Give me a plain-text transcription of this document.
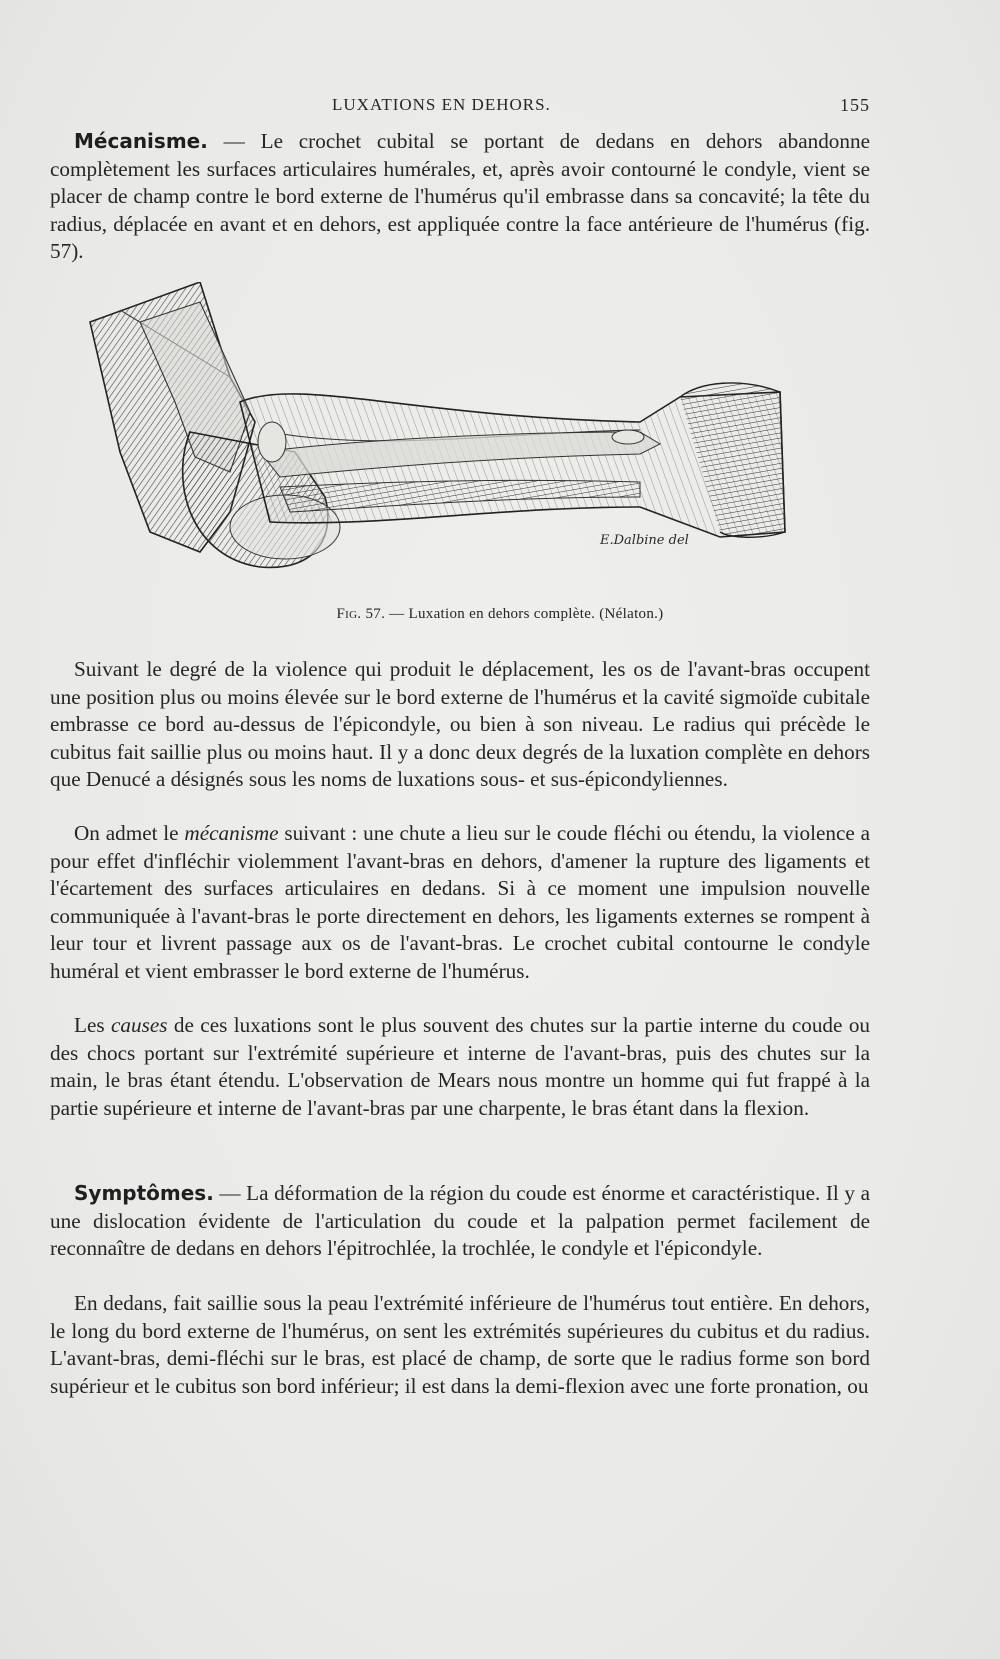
LUXATIONS EN DEHORS.	155

Mécanisme. — Le crochet cubital se portant de dedans en dehors abandonne complètement les surfaces articulaires humérales, et, après avoir contourné le condyle, vient se placer de champ contre le bord externe de l'humérus qu'il embrasse dans sa concavité; la tête du radius, déplacée en avant et en dehors, est appliquée contre la face antérieure de l'humérus (fig. 57).

E.Dalbine del
Fig. 57. — Luxation en dehors complète. (Nélaton.)

Suivant le degré de la violence qui produit le déplacement, les os de l'avant-bras occupent une position plus ou moins élevée sur le bord externe de l'humérus et la cavité sigmoïde cubitale embrasse ce bord au-dessus de l'épicondyle, ou bien à son niveau. Le radius qui précède le cubitus fait saillie plus ou moins haut. Il y a donc deux degrés de la luxation complète en dehors que Denucé a désignés sous les noms de luxations sous- et sus-épicondyliennes.

On admet le mécanisme suivant : une chute a lieu sur le coude fléchi ou étendu, la violence a pour effet d'infléchir violemment l'avant-bras en dehors, d'amener la rupture des ligaments et l'écartement des surfaces articulaires en dedans. Si à ce moment une impulsion nouvelle communiquée à l'avant-bras le porte directement en dehors, les ligaments externes se rompent à leur tour et livrent passage aux os de l'avant-bras. Le crochet cubital contourne le condyle huméral et vient embrasser le bord externe de l'humérus.

Les causes de ces luxations sont le plus souvent des chutes sur la partie interne du coude ou des chocs portant sur l'extrémité supérieure et interne de l'avant-bras, puis des chutes sur la main, le bras étant étendu. L'observation de Mears nous montre un homme qui fut frappé à la partie supérieure et interne de l'avant-bras par une charpente, le bras étant dans la flexion.

Symptômes. — La déformation de la région du coude est énorme et caractéristique. Il y a une dislocation évidente de l'articulation du coude et la palpation permet facilement de reconnaître de dedans en dehors l'épitrochlée, la trochlée, le condyle et l'épicondyle.

En dedans, fait saillie sous la peau l'extrémité inférieure de l'humérus tout entière. En dehors, le long du bord externe de l'humérus, on sent les extrémités supérieures du cubitus et du radius. L'avant-bras, demi-fléchi sur le bras, est placé de champ, de sorte que le radius forme son bord supérieur et le cubitus son bord inférieur; il est dans la demi-flexion avec une forte pronation, ou
